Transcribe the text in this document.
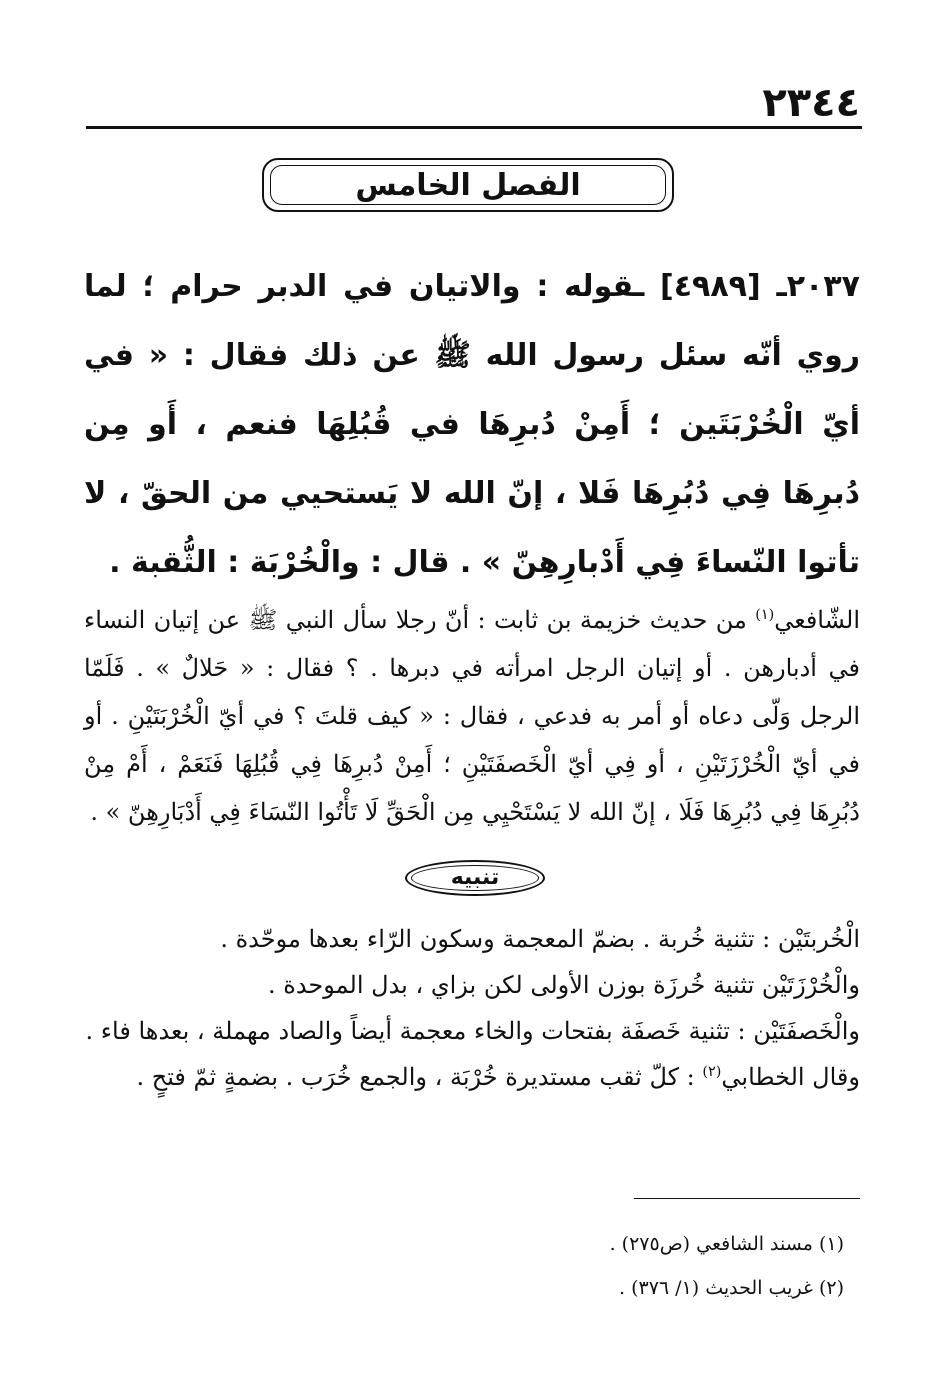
٢٣٤٤
الفصل الخامس
٢٠٣٧ـ [٤٩٨٩] ـقوله : والاتيان في الدبر حرام ؛ لما روي أنّه سئل رسول الله ﷺ عن ذلك فقال : « في أيّ الْخُرْبَتَين ؛ أَمِنْ دُبرِهَا في قُبُلِهَا فنعم ، أَو مِن دُبرِهَا فِي دُبُرِهَا فَلا ، إنّ الله لا يَستحيي من الحقّ ، لا تأتوا النّساءَ فِي أَدْبارِهِنّ » . قال : والْخُرْبَة : الثُّقبة .
الشّافعي$^{(١)}$ من حديث خزيمة بن ثابت : أنّ رجلا سأل النبي ﷺ عن إتيان النساء في أدبارهن . أو إتيان الرجل امرأته في دبرها . ؟ فقال : « حَلالٌ » . فَلَمّا الرجل وَلّى دعاه أو أمر به فدعي ، فقال : « كيف قلتَ ؟ في أيّ الْخُرْبَتَيْنِ . أو في أيّ الْخُرْزَتَيْنِ ، أو فِي أيّ الْخَصفَتَيْنِ ؛ أَمِنْ دُبرِهَا فِي قُبُلِهَا فَنَعَمْ ، أَمْ مِنْ دُبُرِهَا فِي دُبُرِهَا فَلَا ، إنّ الله لا يَسْتَحْيِي مِن الْحَقِّ لَا تَأْتُوا النّسَاءَ فِي أَدْبَارِهِنّ » .
تنبيه

الْخُربتَيْن : تثنية خُربة . بضمّ المعجمة وسكون الرّاء بعدها موحّدة .

والْخُرْزَتَيْن تثنية خُرزَة بوزن الأولى لكن بزاي ، بدل الموحدة .

والْخَصفَتَيْن : تثنية خَصفَة بفتحات والخاء معجمة أيضاً والصاد مهملة ، بعدها فاء .

وقال الخطابي$^{(٢)}$ : كلّ ثقب مستديرة خُرْبَة ، والجمع خُرَب . بضمةٍ ثمّ فتحٍ .

(١) مسند الشافعي (ص٢٧٥) .
(٢) غريب الحديث (١/ ٣٧٦) .
